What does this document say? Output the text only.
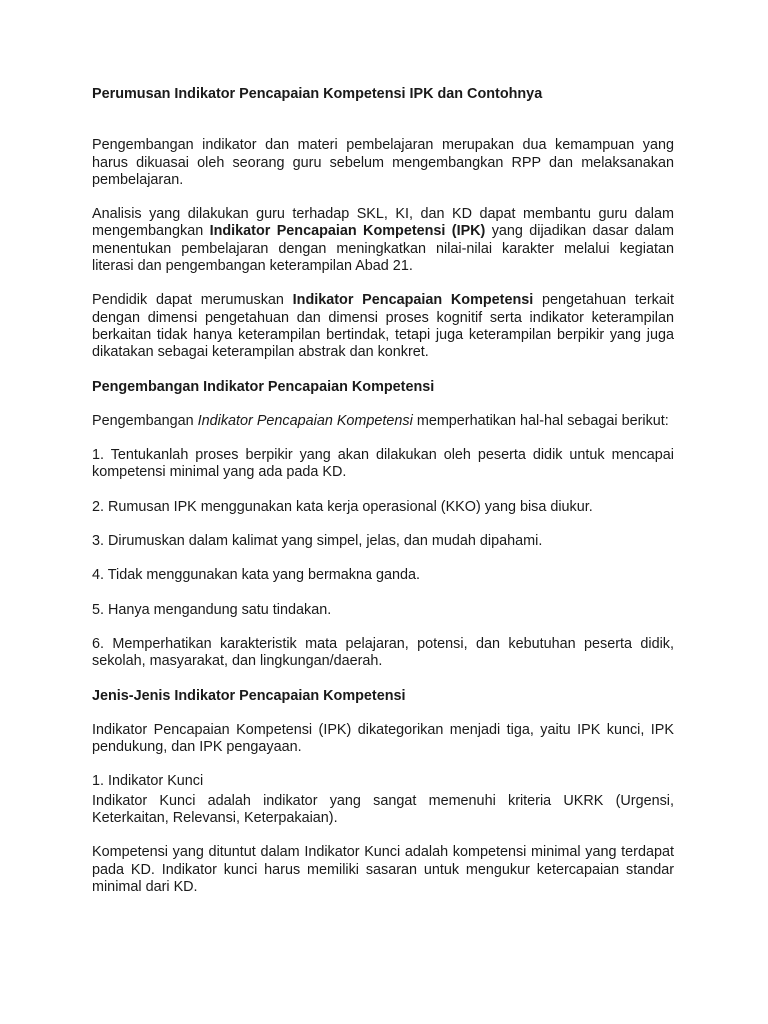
Perumusan Indikator Pencapaian Kompetensi IPK dan Contohnya

Pengembangan indikator dan materi pembelajaran merupakan dua kemampuan yang harus dikuasai oleh seorang guru sebelum mengembangkan RPP dan melaksanakan pembelajaran.

Analisis yang dilakukan guru terhadap SKL, KI, dan KD dapat membantu guru dalam mengembangkan Indikator Pencapaian Kompetensi (IPK) yang dijadikan dasar dalam menentukan pembelajaran dengan meningkatkan nilai-nilai karakter melalui kegiatan literasi dan pengembangan keterampilan Abad 21.

Pendidik dapat merumuskan Indikator Pencapaian Kompetensi pengetahuan terkait dengan dimensi pengetahuan dan dimensi proses kognitif serta indikator keterampilan berkaitan tidak hanya keterampilan bertindak, tetapi juga keterampilan berpikir yang juga dikatakan sebagai keterampilan abstrak dan konkret.

Pengembangan Indikator Pencapaian Kompetensi

Pengembangan Indikator Pencapaian Kompetensi memperhatikan hal-hal sebagai berikut:

1. Tentukanlah proses berpikir yang akan dilakukan oleh peserta didik untuk mencapai kompetensi minimal yang ada pada KD.

2. Rumusan IPK menggunakan kata kerja operasional (KKO) yang bisa diukur.

3. Dirumuskan dalam kalimat yang simpel, jelas, dan mudah dipahami.

4. Tidak menggunakan kata yang bermakna ganda.

5. Hanya mengandung satu tindakan.

6. Memperhatikan karakteristik mata pelajaran, potensi, dan kebutuhan peserta didik, sekolah, masyarakat, dan lingkungan/daerah.

Jenis-Jenis Indikator Pencapaian Kompetensi

Indikator Pencapaian Kompetensi (IPK) dikategorikan menjadi tiga, yaitu IPK kunci, IPK pendukung, dan IPK pengayaan.

1. Indikator Kunci

Indikator Kunci adalah indikator yang sangat memenuhi kriteria UKRK (Urgensi, Keterkaitan, Relevansi, Keterpakaian).

Kompetensi yang dituntut dalam Indikator Kunci adalah kompetensi minimal yang terdapat pada KD. Indikator kunci harus memiliki sasaran untuk mengukur ketercapaian standar minimal dari KD.
